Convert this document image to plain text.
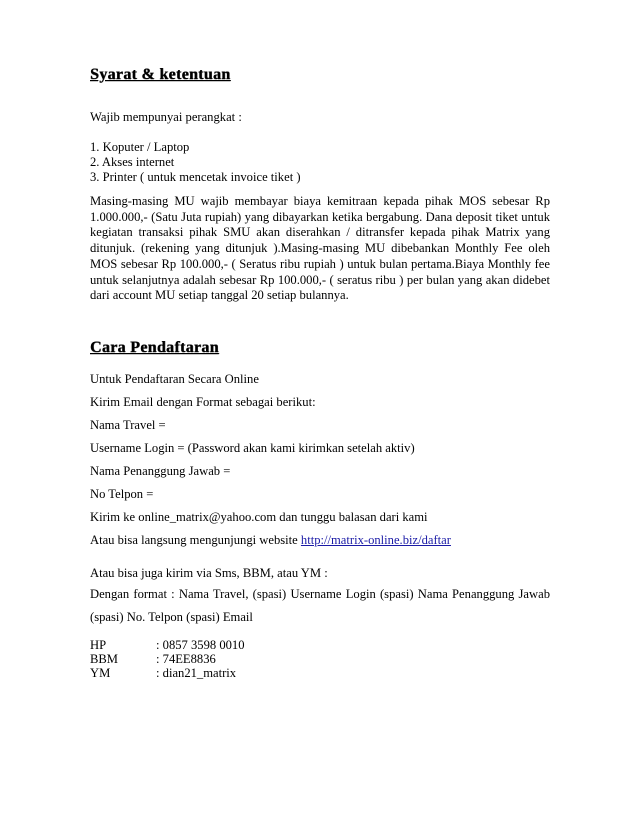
Syarat & ketentuan
Wajib mempunyai perangkat :
1. Koputer / Laptop
2. Akses internet
3. Printer ( untuk mencetak invoice tiket )
Masing-masing MU wajib membayar biaya kemitraan kepada pihak MOS sebesar Rp
1.000.000,- (Satu Juta rupiah) yang dibayarkan ketika bergabung. Dana deposit tiket untuk
kegiatan transaksi pihak SMU akan diserahkan / ditransfer kepada pihak Matrix yang
ditunjuk. (rekening yang ditunjuk ).Masing-masing MU dibebankan Monthly Fee oleh
MOS sebesar Rp 100.000,- ( Seratus ribu rupiah ) untuk bulan pertama.Biaya Monthly fee
untuk selanjutnya adalah sebesar Rp 100.000,- ( seratus ribu ) per bulan yang akan didebet
dari account MU setiap tanggal 20 setiap bulannya.
Cara Pendaftaran
Untuk Pendaftaran Secara Online
Kirim Email dengan Format sebagai berikut:
Nama Travel =
Username Login = (Password akan kami kirimkan setelah aktiv)
Nama Penanggung Jawab =
No Telpon =
Kirim ke online_matrix@yahoo.com dan tunggu balasan dari kami
Atau bisa langsung mengunjungi website http://matrix-online.biz/daftar
Atau bisa juga kirim via Sms, BBM, atau YM :
Dengan format : Nama Travel, (spasi) Username Login (spasi) Nama Penanggung Jawab
(spasi) No. Telpon (spasi) Email
HP	: 0857 3598 0010
BBM	: 74EE8836
YM	: dian21_matrix
